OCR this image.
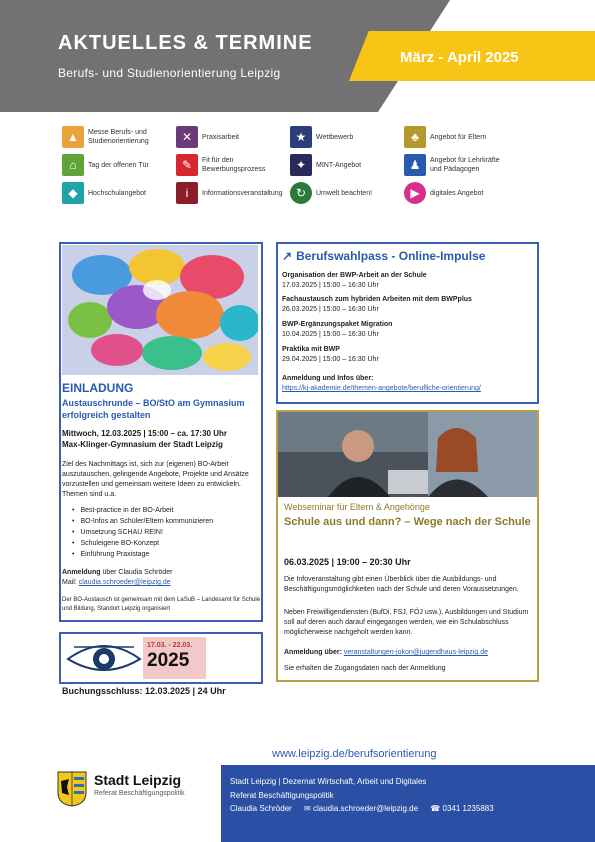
AKTUELLES & TERMINE
Berufs- und Studienorientierung Leipzig
März - April 2025
▲	Messe Berufs- und Studienorientierung	✕	Praxisarbeit	★	Wettbewerb	♣	Angebot für Eltern
⌂	Tag der offenen Tür	✎	Fit für den Bewerbungsprozess	✦	MINT-Angebot	♟	Angebot für Lehrkräfte und Pädagogen
◆	Hochschulangebot	i	Informationsveranstaltung	↻	Umwelt beachten!	▶	digitales Angebot
EINLADUNG
Austauschrunde – BO/StO am Gymnasium erfolgreich gestalten
Mittwoch, 12.03.2025 | 15:00 – ca. 17:30 Uhr
Max-Klinger-Gymnasium der Stadt Leipzig
Ziel des Nachmittags ist, sich zur (eigenen) BO-Arbeit auszutauschen, gelingende Angebote, Projekte und Ansätze vorzustellen und gemeinsam weitere Ideen zu entwickeln. Themen sind u.a.
• Best-practice in der BO-Arbeit
• BO-Infos an Schüler/Eltern kommunizieren
• Umsetzung SCHAU REIN!
• Schuleigene BO-Konzept
• Einführung Praxistage
Anmeldung über Claudia Schröder
Mail: claudia.schroeder@leipzig.de
Der BO-Austausch ist gemeinsam mit dem LaSuB – Landesamt für Schule und Bildung, Standort Leipzig organisiert
17.03. - 22.03.
2025
Buchungsschluss: 12.03.2025 | 24 Uhr
↗ Berufswahlpass - Online-Impulse
Organisation der BWP-Arbeit an der Schule
17.03.2025 | 15:00 – 16:30 Uhr
Fachaustausch zum hybriden Arbeiten mit dem BWPplus
26.03.2025 | 15:00 – 16:30 Uhr
BWP-Ergänzungspaket Migration
10.04.2025 | 15:00 – 16:30 Uhr
Praktika mit BWP
29.04.2025 | 15:00 – 16:30 Uhr
Anmeldung und Infos über:
https://kj-akademie.de/themen-angebote/berufliche-orientierung/
Webseminar für Eltern & Angehörige
Schule aus und dann? – Wege nach der Schule
06.03.2025 | 19:00 – 20:30 Uhr
Die Infoveranstaltung gibt einen Überblick über die Ausbildungs- und Beschäftigungsmöglichkeiten nach der Schule und deren Voraussetzungen.
Neben Freiwilligendiensten (BufDi, FSJ, FÖJ usw.), Ausbildungen und Studium soll auf deren auch darauf eingegangen werden, wie ein Schulabschluss möglicherweise nachgeholt werden kann.
Anmeldung über: veranstaltungen-jokon@jugendhaus-leipzig.de
Sie erhalten die Zugangsdaten nach der Anmeldung
www.leipzig.de/berufsorientierung
Stadt Leipzig
Referat Beschäftigungspolitik
Stadt Leipzig | Dezernat Wirtschaft, Arbeit und Digitales
Referat Beschäftigungspolitik
Claudia Schröder ✉ claudia.schroeder@leipzig.de ☎ 0341 1235883
